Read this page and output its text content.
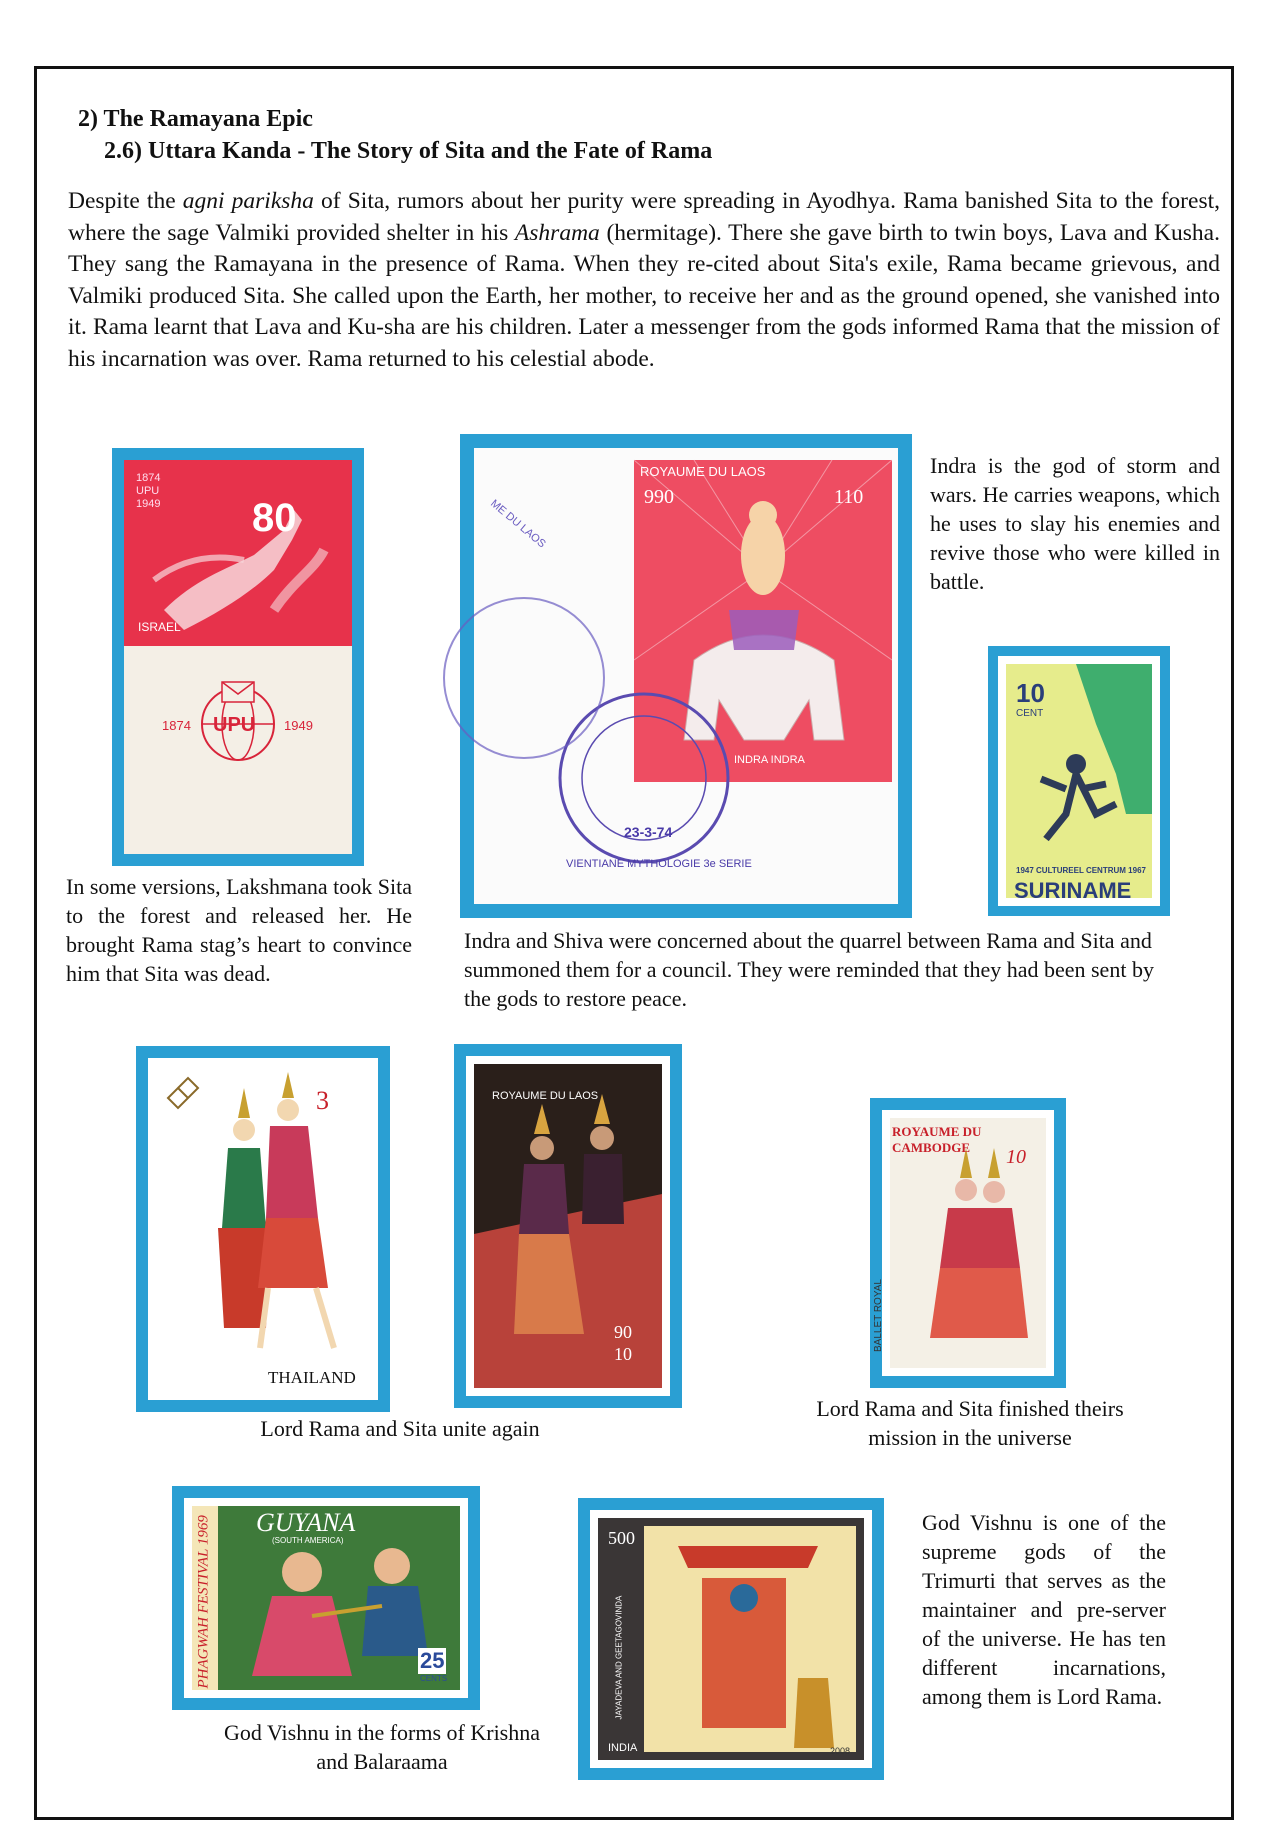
2) The Ramayana Epic
2.6) Uttara Kanda - The Story of Sita and the Fate of Rama
Despite the agni pariksha of Sita, rumors about her purity were spreading in Ayodhya. Rama banished Sita to the forest, where the sage Valmiki provided shelter in his Ashrama (hermitage). There she gave birth to twin boys, Lava and Kusha. They sang the Ramayana in the presence of Rama. When they re-cited about Sita's exile, Rama became grievous, and Valmiki produced Sita. She called upon the Earth, her mother, to receive her and as the ground opened, she vanished into it. Rama learnt that Lava and Ku-sha are his children. Later a messenger from the gods informed Rama that the mission of his incarnation was over. Rama returned to his celestial abode.
1874 UPU 1949	80
ISRAEL
UPU
1874	1949
In some versions, Lakshmana took Sita to the forest and released her. He brought Rama stag’s heart to convince him that Sita was dead.
ROYAUME DU LAOS
990	110
INDRA INDRA
23-3-74
VIENTIANE MYTHOLOGIE 3e SERIE
ME DU LAOS
Indra is the god of storm and wars. He carries weapons, which he uses to slay his enemies and revive those who were killed in battle.
10
CENT
1947 CULTUREEL CENTRUM 1967
SURINAME
Indra and Shiva were concerned about the quarrel between Rama and Sita and summoned them for a council. They were reminded that they had been sent by the gods to restore peace.
3
THAILAND
ROYAUME DU LAOS
90
10
Lord Rama and Sita unite again
ROYAUME DU CAMBODGE	10
BALLET ROYAL
Lord Rama and Sita finished theirs mission in the universe
GUYANA
(SOUTH AMERICA)
PHAGWAH FESTIVAL 1969	25
CENTS
God Vishnu in the forms of Krishna and Balaraama
500
INDIA	2008
JAYADEVA AND GEETAGOVINDA
God Vishnu is one of the supreme gods of the Trimurti that serves as the maintainer and pre-server of the universe. He has ten different incarnations, among them is Lord Rama.
